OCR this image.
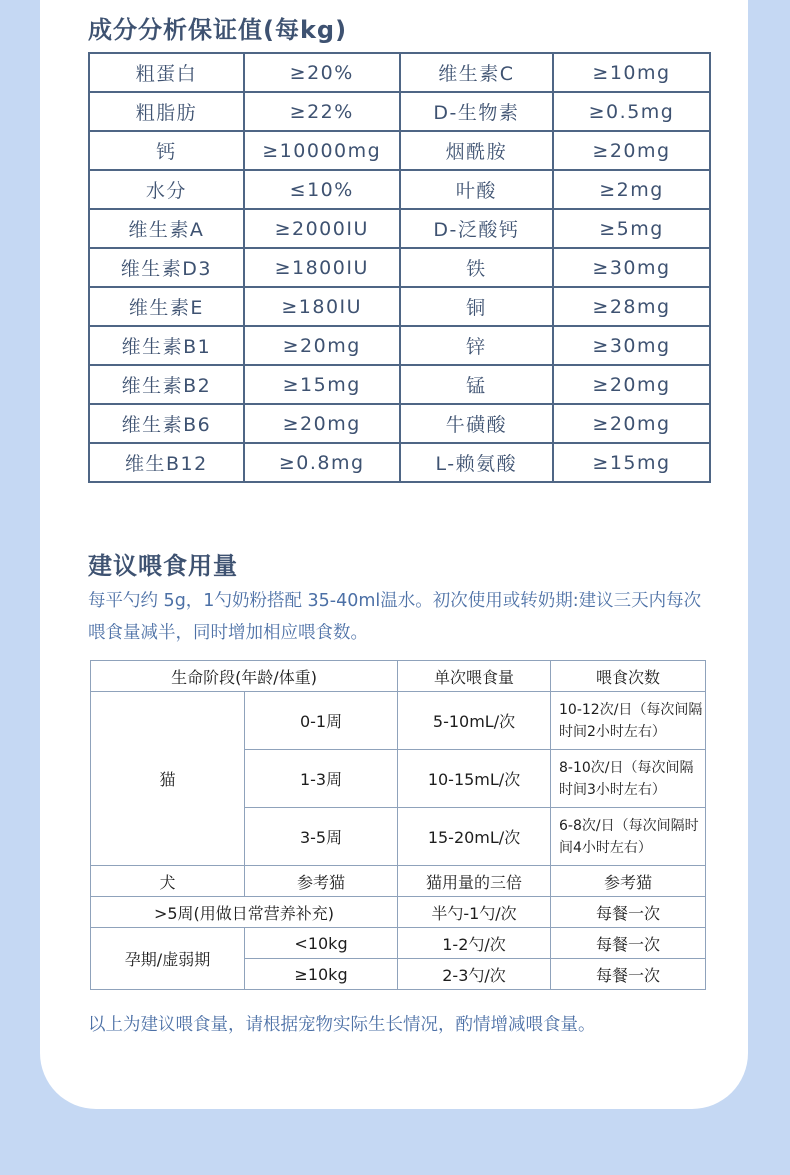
成分分析保证值(每kg)
粗蛋白	≥20%	维生素C	≥10mg
粗脂肪	≥22%	D-生物素	≥0.5mg
钙	≥10000mg	烟酰胺	≥20mg
水分	≤10%	叶酸	≥2mg
维生素A	≥2000IU	D-泛酸钙	≥5mg
维生素D3	≥1800IU	铁	≥30mg
维生素E	≥180IU	铜	≥28mg
维生素B1	≥20mg	锌	≥30mg
维生素B2	≥15mg	锰	≥20mg
维生素B6	≥20mg	牛磺酸	≥20mg
维生B12	≥0.8mg	L-赖氨酸	≥15mg
建议喂食用量

每平勺约 5g，1勺奶粉搭配 35-40ml温水。初次使用或转奶期:建议三天内每次喂食量减半，同时增加相应喂食数。

生命阶段(年龄/体重)		单次喂食量	喂食次数
猫	0-1周	5-10mL/次	10-12次/日（每次间隔时间2小时左右）
	1-3周	10-15mL/次	8-10次/日（每次间隔时间3小时左右）
	3-5周	15-20mL/次	6-8次/日（每次间隔时间4小时左右）
犬	参考猫	猫用量的三倍	参考猫
>5周(用做日常营养补充)		半勺-1勺/次	每餐一次
孕期/虚弱期	<10kg	1-2勺/次	每餐一次
	≥10kg	2-3勺/次	每餐一次

以上为建议喂食量，请根据宠物实际生长情况，酌情增减喂食量。
